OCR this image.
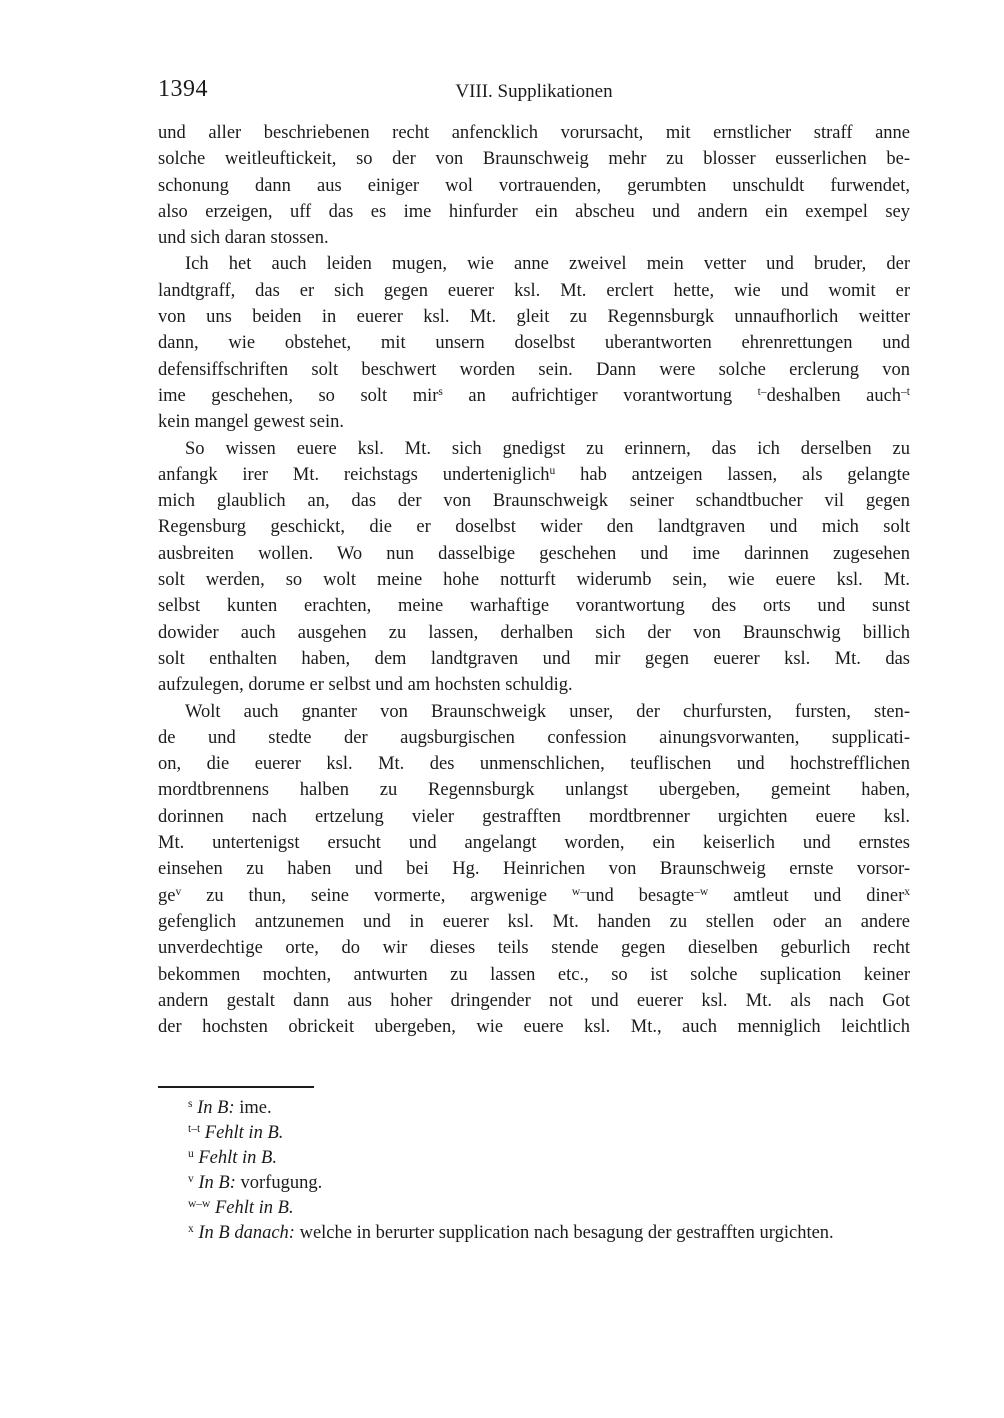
1394	VIII. Supplikationen
und aller beschriebenen recht anfencklich vorursacht, mit ernstlicher straff anne
solche weitleuftickeit, so der von Braunschweig mehr zu blosser eusserlichen be-
schonung dann aus einiger wol vortrauenden, gerumbten unschuldt furwendet,
also erzeigen, uff das es ime hinfurder ein abscheu und andern ein exempel sey
und sich daran stossen.
Ich het auch leiden mugen, wie anne zweivel mein vetter und bruder, der
landtgraff, das er sich gegen euerer ksl. Mt. erclert hette, wie und womit er
von uns beiden in euerer ksl. Mt. gleit zu Regennsburgk unnaufhorlich weitter
dann, wie obstehet, mit unsern doselbst uberantworten ehrenrettungen und
defensiffschriften solt beschwert worden sein. Dann were solche erclerung von
ime geschehen, so solt mir$^s$ an aufrichtiger vorantwortung $^{t-}$deshalben auch$^{-t}$
kein mangel gewest sein.
So wissen euere ksl. Mt. sich gnedigst zu erinnern, das ich derselben zu
anfangk irer Mt. reichstags underteniglich$^u$ hab antzeigen lassen, als gelangte
mich glaublich an, das der von Braunschweigk seiner schandtbucher vil gegen
Regensburg geschickt, die er doselbst wider den landtgraven und mich solt
ausbreiten wollen. Wo nun dasselbige geschehen und ime darinnen zugesehen
solt werden, so wolt meine hohe notturft widerumb sein, wie euere ksl. Mt.
selbst kunten erachten, meine warhaftige vorantwortung des orts und sunst
dowider auch ausgehen zu lassen, derhalben sich der von Braunschwig billich
solt enthalten haben, dem landtgraven und mir gegen euerer ksl. Mt. das
aufzulegen, dorume er selbst und am hochsten schuldig.
Wolt auch gnanter von Braunschweigk unser, der churfursten, fursten, sten-
de und stedte der augsburgischen confession ainungsvorwanten, supplicati-
on, die euerer ksl. Mt. des unmenschlichen, teuflischen und hochstrefflichen
mordtbrennens halben zu Regennsburgk unlangst ubergeben, gemeint haben,
dorinnen nach ertzelung vieler gestrafften mordtbrenner urgichten euere ksl.
Mt. untertenigst ersucht und angelangt worden, ein keiserlich und ernstes
einsehen zu haben und bei Hg. Heinrichen von Braunschweig ernste vorsor-
$ge^v$ zu thun, seine vormerte, argwenige $^{w-}$und besagte$^{-w}$ amtleut und diner$^x$
gefenglich antzunemen und in euerer ksl. Mt. handen zu stellen oder an andere
unverdechtige orte, do wir dieses teils stende gegen dieselben geburlich recht
bekommen mochten, antwurten zu lassen etc., so ist solche suplication keiner
andern gestalt dann aus hoher dringender not und euerer ksl. Mt. als nach Got
der hochsten obrickeit ubergeben, wie euere ksl. Mt., auch menniglich leichtlich
$^s$ In B: ime.
$^{t-t}$ Fehlt in B.
$^u$ Fehlt in B.
$^v$ In B: vorfugung.
$^{w-w}$ Fehlt in B.
$^x$ In B danach: welche in berurter supplication nach besagung der gestrafften urgichten.
